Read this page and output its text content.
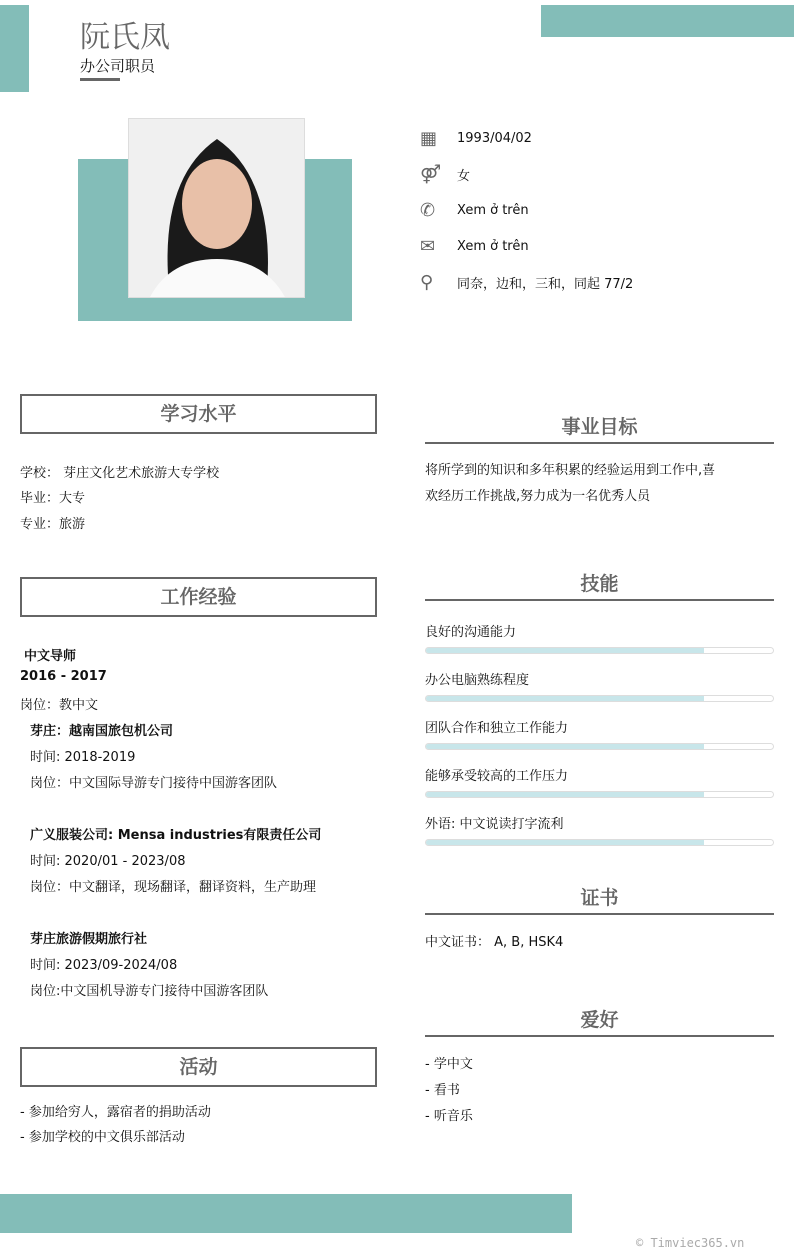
阮氏凤
办公司职员
▦	1993/04/02
⚤	女
✆	Xem ở trên
✉	Xem ở trên
⚲	同奈，边和，三和，同起 77/2
学习水平
学校： 芽庄文化艺术旅游大专学校
毕业：大专
专业：旅游
工作经验
中文导师
2016 - 2017
岗位：教中文
芽庄：越南国旅包机公司
时间: 2018-2019
岗位：中文国际导游专门接待中国游客团队
广义服装公司: Mensa industries有限责任公司
时间: 2020/01 - 2023/08
岗位：中文翻译，现场翻译，翻译资料，生产助理
芽庄旅游假期旅行社
时间: 2023/09-2024/08
岗位:中文国机导游专门接待中国游客团队
活动
- 参加给穷人，露宿者的捐助活动
- 参加学校的中文俱乐部活动
事业目标
将所学到的知识和多年积累的经验运用到工作中,喜
欢经历工作挑战,努力成为一名优秀人员
技能
良好的沟通能力
办公电脑熟练程度
团队合作和独立工作能力
能够承受较高的工作压力
外语: 中文说读打字流利
证书
中文证书： A, B, HSK4
爱好
- 学中文
- 看书
- 听音乐
© Timviec365.vn
